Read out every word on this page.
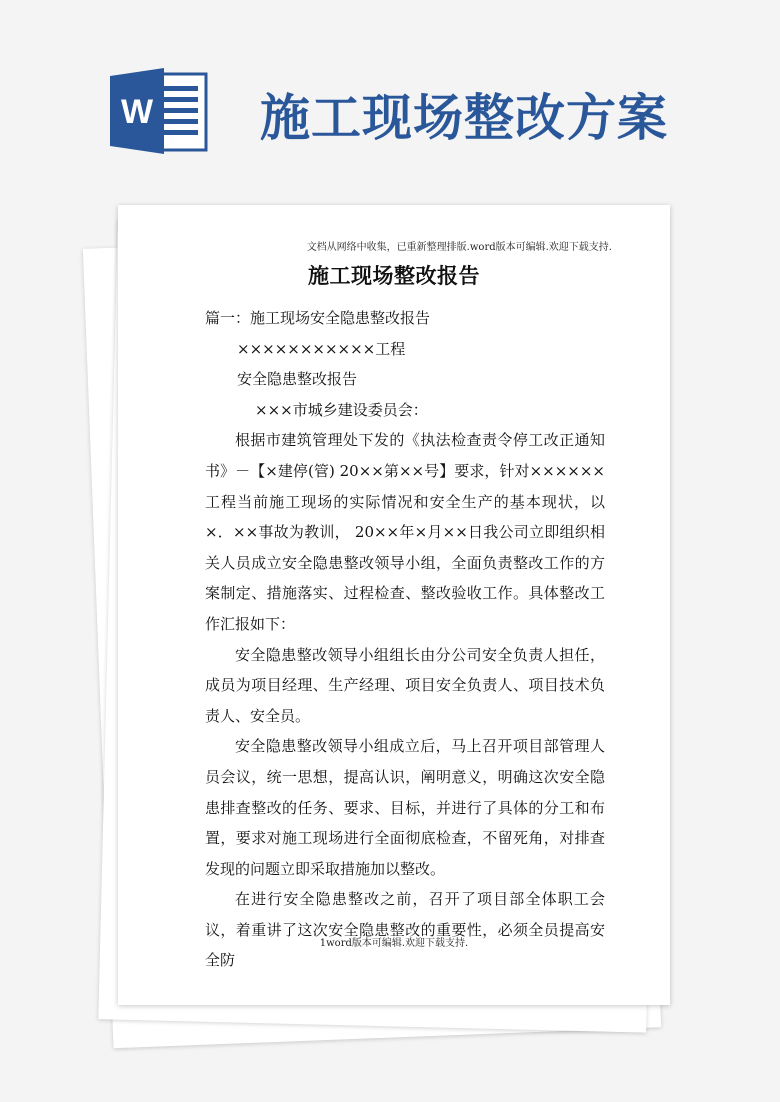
W 施工现场整改方案
文档从网络中收集，已重新整理排版.word版本可编辑.欢迎下载支持.
施工现场整改报告

篇一：施工现场安全隐患整改报告

×××××××××××工程

安全隐患整改报告

×××市城乡建设委员会：

根据市建筑管理处下发的《执法检查责令停工改正通知书》－【×建停(管) 20××第××号】要求，针对××××××工程当前施工现场的实际情况和安全生产的基本现状，以×．××事故为教训， 20××年×月××日我公司立即组织相关人员成立安全隐患整改领导小组，全面负责整改工作的方案制定、措施落实、过程检查、整改验收工作。具体整改工作汇报如下：

安全隐患整改领导小组组长由分公司安全负责人担任，成员为项目经理、生产经理、项目安全负责人、项目技术负责人、安全员。

安全隐患整改领导小组成立后，马上召开项目部管理人员会议，统一思想，提高认识，阐明意义，明确这次安全隐患排查整改的任务、要求、目标，并进行了具体的分工和布置，要求对施工现场进行全面彻底检查，不留死角，对排查发现的问题立即采取措施加以整改。

在进行安全隐患整改之前，召开了项目部全体职工会议，着重讲了这次安全隐患整改的重要性，必须全员提高安全防

1word版本可编辑.欢迎下载支持.
